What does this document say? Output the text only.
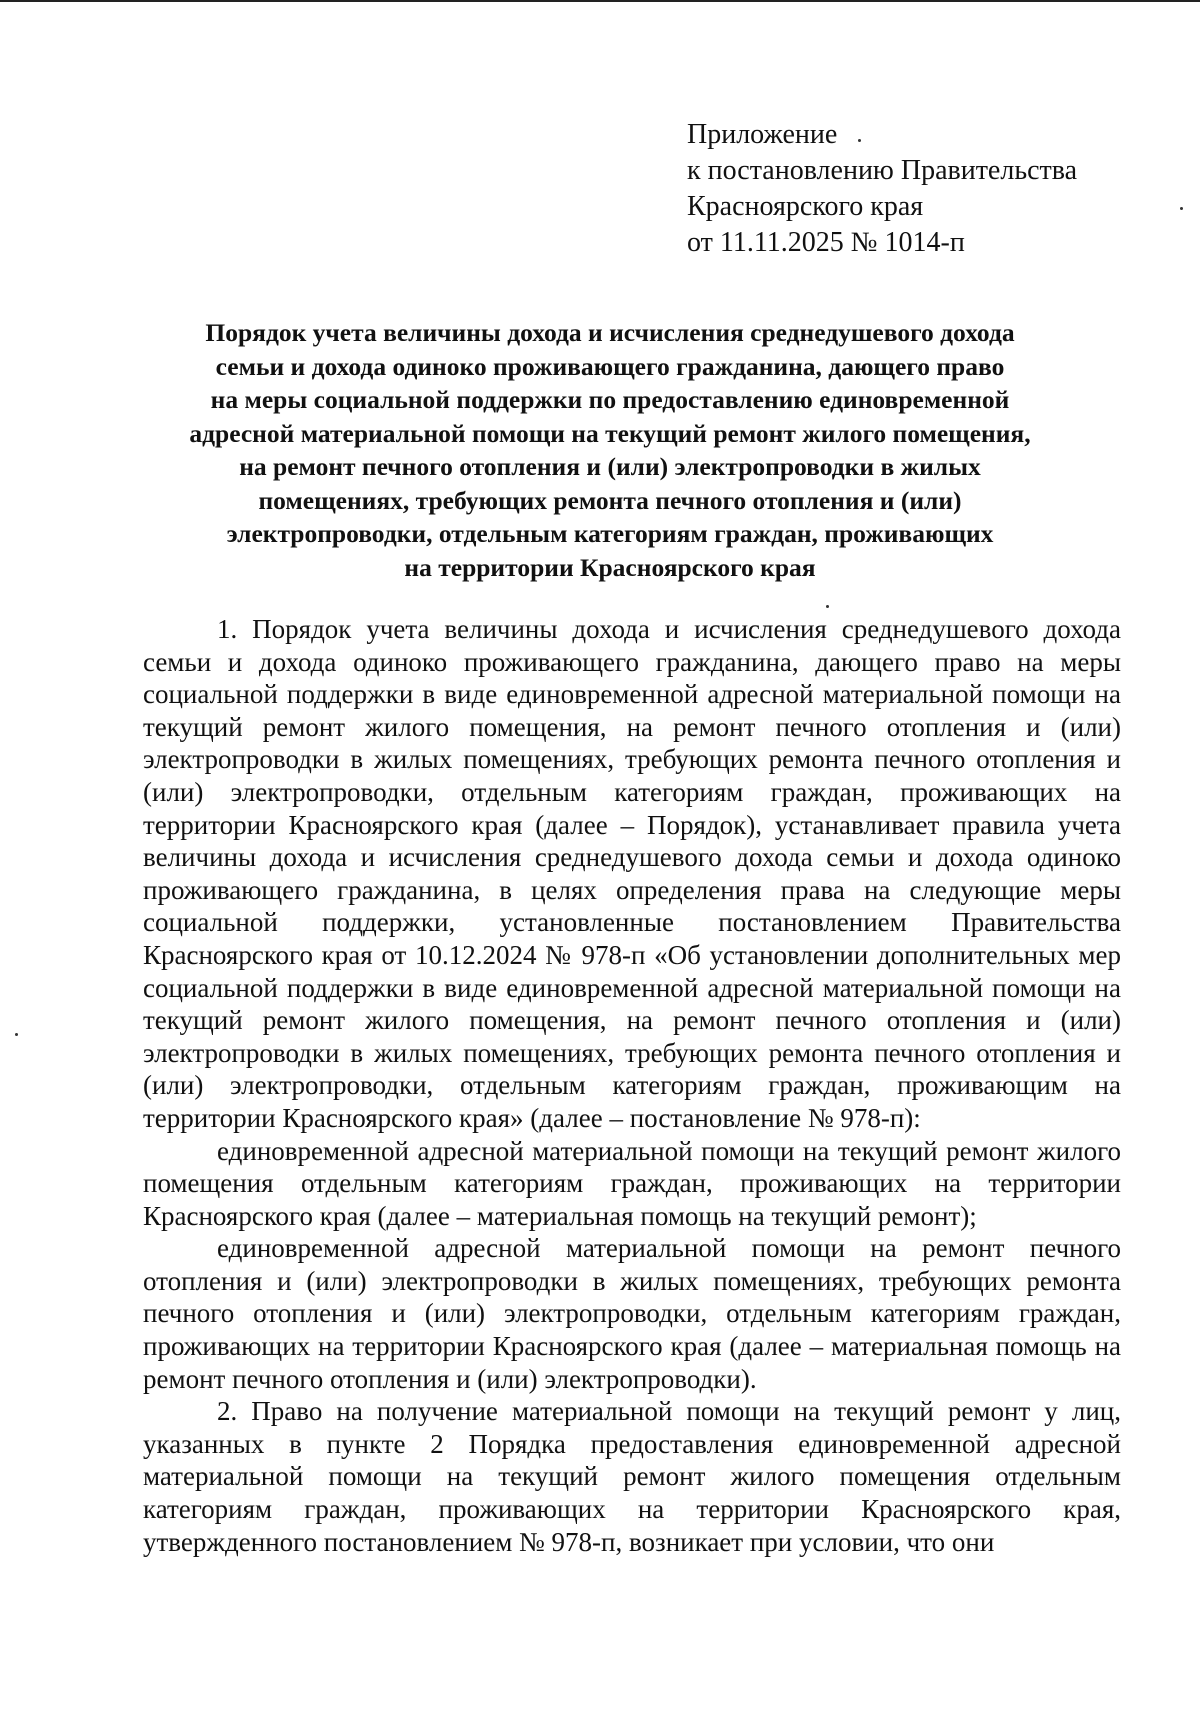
Приложение
к постановлению Правительства
Красноярского края
от 11.11.2025 № 1014-п
Порядок учета величины дохода и исчисления среднедушевого дохода
семьи и дохода одиноко проживающего гражданина, дающего право
на меры социальной поддержки по предоставлению единовременной
адресной материальной помощи на текущий ремонт жилого помещения,
на ремонт печного отопления и (или) электропроводки в жилых
помещениях, требующих ремонта печного отопления и (или)
электропроводки, отдельным категориям граждан, проживающих
на территории Красноярского края

1. Порядок учета величины дохода и исчисления среднедушевого дохода семьи и дохода одиноко проживающего гражданина, дающего право на меры социальной поддержки в виде единовременной адресной материальной помощи на текущий ремонт жилого помещения, на ремонт печного отопления и (или) электропроводки в жилых помещениях, требующих ремонта печного отопления и (или) электропроводки, отдельным категориям граждан, проживающих на территории Красноярского края (далее – Порядок), устанавливает правила учета величины дохода и исчисления среднедушевого дохода семьи и дохода одиноко проживающего гражданина, в целях определения права на следующие меры социальной поддержки, установленные постановлением Правительства Красноярского края от 10.12.2024 № 978-п «Об установлении дополнительных мер социальной поддержки в виде единовременной адресной материальной помощи на текущий ремонт жилого помещения, на ремонт печного отопления и (или) электропроводки в жилых помещениях, требующих ремонта печного отопления и (или) электропроводки, отдельным категориям граждан, проживающим на территории Красноярского края» (далее – постановление № 978-п):

единовременной адресной материальной помощи на текущий ремонт жилого помещения отдельным категориям граждан, проживающих на территории Красноярского края (далее – материальная помощь на текущий ремонт);

единовременной адресной материальной помощи на ремонт печного отопления и (или) электропроводки в жилых помещениях, требующих ремонта печного отопления и (или) электропроводки, отдельным категориям граждан, проживающих на территории Красноярского края (далее – материальная помощь на ремонт печного отопления и (или) электропроводки).

2. Право на получение материальной помощи на текущий ремонт у лиц, указанных в пункте 2 Порядка предоставления единовременной адресной материальной помощи на текущий ремонт жилого помещения отдельным категориям граждан, проживающих на территории Красноярского края, утвержденного постановлением № 978-п, возникает при условии, что они
